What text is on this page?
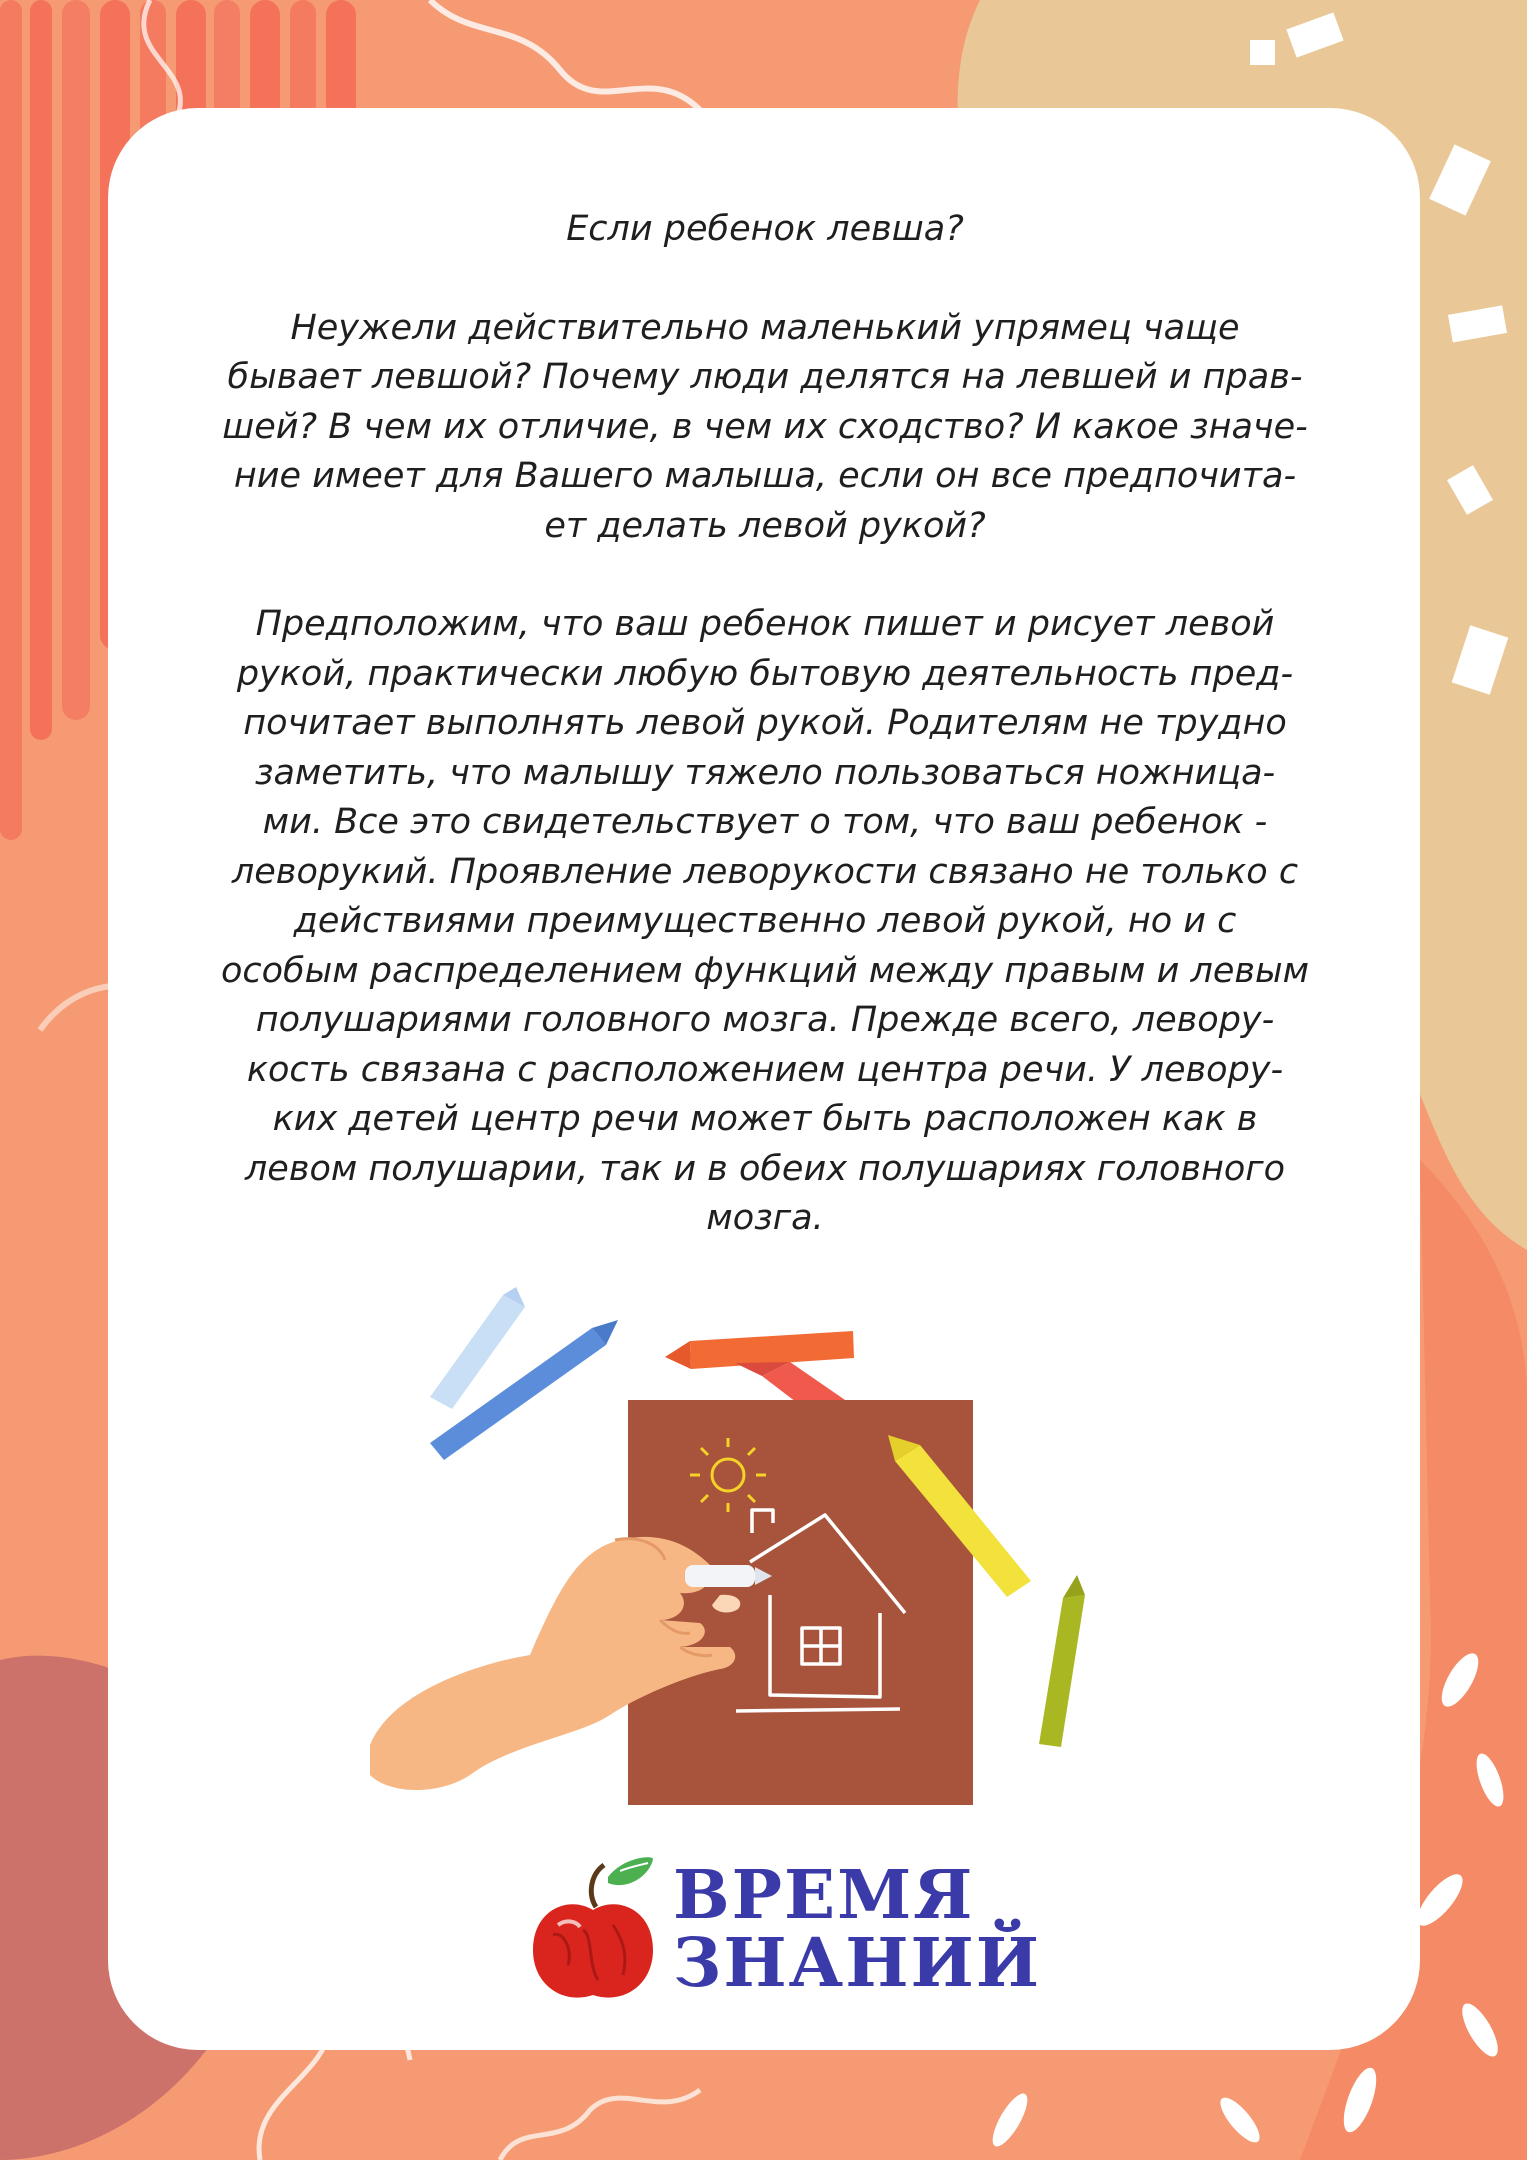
Если ребенок левша?

Неужели действительно маленький упрямец чаще
бывает левшой? Почему люди делятся на левшей и прав-
шей? В чем их отличие, в чем их сходство? И какое значе-
ние имеет для Вашего малыша, если он все предпочита-
ет делать левой рукой?

Предположим, что ваш ребенок пишет и рисует левой
рукой, практически любую бытовую деятельность пред-
почитает выполнять левой рукой. Родителям не трудно
заметить, что малышу тяжело пользоваться ножница-
ми. Все это свидетельствует о том, что ваш ребенок -
леворукий. Проявление леворукости связано не только с
действиями преимущественно левой рукой, но и с
особым распределением функций между правым и левым
полушариями головного мозга. Прежде всего, левору-
кость связана с расположением центра речи. У левору-
ких детей центр речи может быть расположен как в
левом полушарии, так и в обеих полушариях головного
мозга.

ВРЕМЯ
ЗНАНИЙ
